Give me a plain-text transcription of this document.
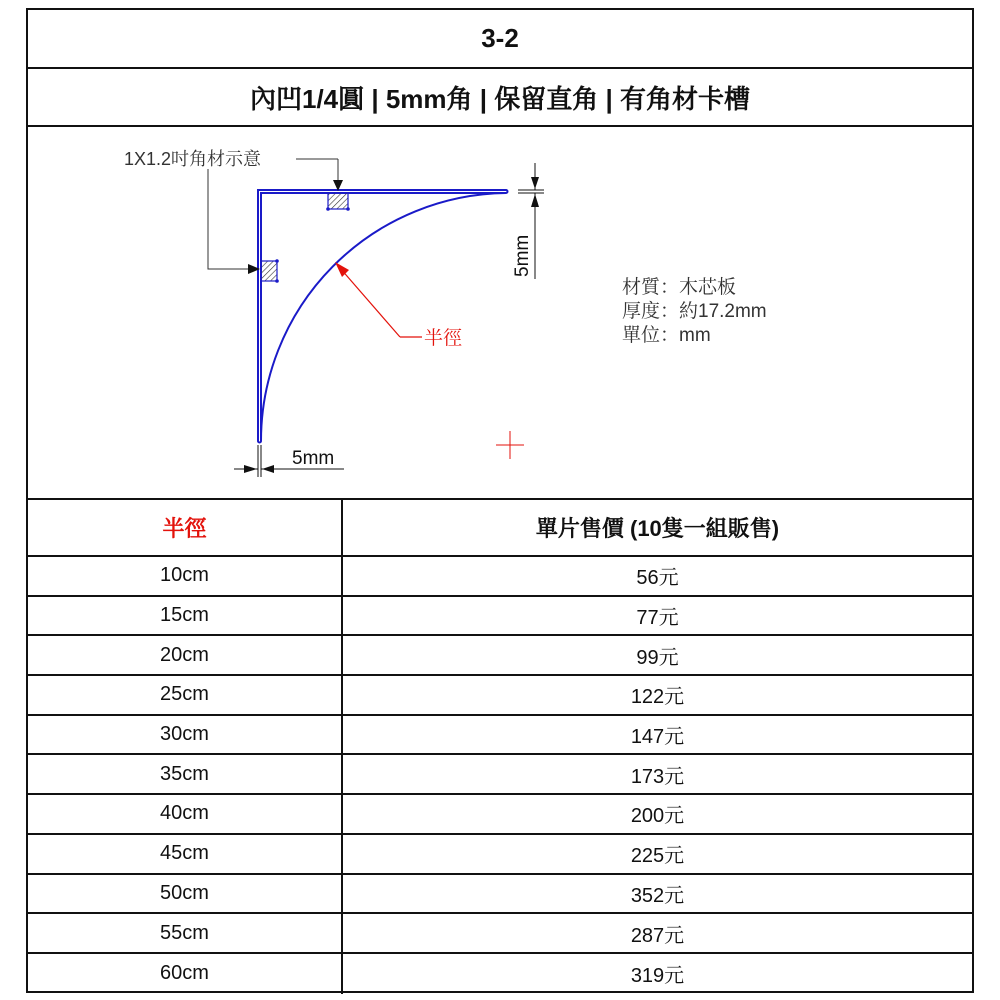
3-2
內凹1/4圓 | 5mm角 | 保留直角 | 有角材卡槽
1X1.2吋角材示意
半徑
5mm
5mm
材質：木芯板
厚度：約17.2mm
單位：mm
半徑	單片售價 (10隻一組販售)
10cm	56元
15cm	77元
20cm	99元
25cm	122元
30cm	147元
35cm	173元
40cm	200元
45cm	225元
50cm	352元
55cm	287元
60cm	319元
